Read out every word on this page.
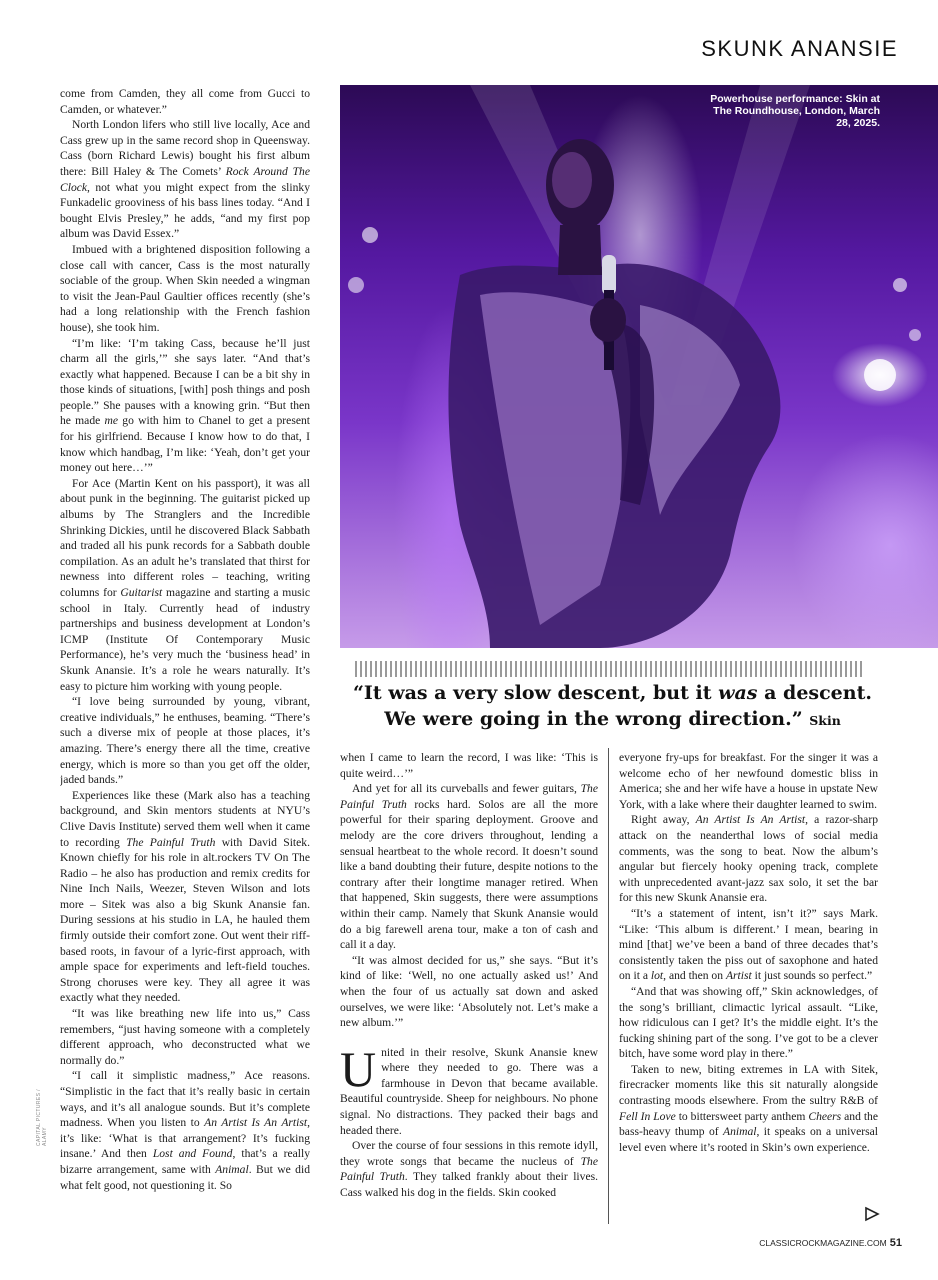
SKUNK ANANSIE

come from Camden, they all come from Gucci to Camden, or whatever.”

North London lifers who still live locally, Ace and Cass grew up in the same record shop in Queensway. Cass (born Richard Lewis) bought his first album there: Bill Haley & The Comets’ Rock Around The Clock, not what you might expect from the slinky Funkadelic grooviness of his bass lines today. “And I bought Elvis Presley,” he adds, “and my first pop album was David Essex.”

Imbued with a brightened disposition following a close call with cancer, Cass is the most naturally sociable of the group. When Skin needed a wingman to visit the Jean-Paul Gaultier offices recently (she’s had a long relationship with the French fashion house), she took him.

“I’m like: ‘I’m taking Cass, because he’ll just charm all the girls,’” she says later. “And that’s exactly what happened. Because I can be a bit shy in those kinds of situations, [with] posh things and posh people.” She pauses with a knowing grin. “But then he made me go with him to Chanel to get a present for his girlfriend. Because I know how to do that, I know which handbag, I’m like: ‘Yeah, don’t get your money out here…’”

For Ace (Martin Kent on his passport), it was all about punk in the beginning. The guitarist picked up albums by The Stranglers and the Incredible Shrinking Dickies, until he discovered Black Sabbath and traded all his punk records for a Sabbath double compilation. As an adult he’s translated that thirst for newness into different roles – teaching, writing columns for Guitarist magazine and starting a music school in Italy. Currently head of industry partnerships and business development at London’s ICMP (Institute Of Contemporary Music Performance), he’s very much the ‘business head’ in Skunk Anansie. It’s a role he wears naturally. It’s easy to picture him working with young people.

“I love being surrounded by young, vibrant, creative individuals,” he enthuses, beaming. “There’s such a diverse mix of people at those places, it’s amazing. There’s energy there all the time, creative energy, which is more so than you get off the older, jaded bands.”

Experiences like these (Mark also has a teaching background, and Skin mentors students at NYU’s Clive Davis Institute) served them well when it came to recording The Painful Truth with David Sitek. Known chiefly for his role in alt.rockers TV On The Radio – he also has production and remix credits for Nine Inch Nails, Weezer, Steven Wilson and lots more – Sitek was also a big Skunk Anansie fan. During sessions at his studio in LA, he hauled them firmly outside their comfort zone. Out went their riff-based roots, in favour of a lyric-first approach, with ample space for experiments and left-field touches. Strong choruses were key. They all agree it was exactly what they needed.

“It was like breathing new life into us,” Cass remembers, “just having someone with a completely different approach, who deconstructed what we normally do.”

“I call it simplistic madness,” Ace reasons. “Simplistic in the fact that it’s really basic in certain ways, and it’s all analogue sounds. But it’s complete madness. When you listen to An Artist Is An Artist, it’s like: ‘What is that arrangement? It’s fucking insane.’ And then Lost and Found, that’s a really bizarre arrangement, same with Animal. But we did what felt good, not questioning it. So

Powerhouse performance: Skin at The Roundhouse, London, March 28, 2025.
“It was a very slow descent, but it was a descent.
We were going in the wrong direction.” Skin

when I came to learn the record, I was like: ‘This is quite weird…’”

And yet for all its curveballs and fewer guitars, The Painful Truth rocks hard. Solos are all the more powerful for their sparing deployment. Groove and melody are the core drivers throughout, lending a sensual heartbeat to the whole record. It doesn’t sound like a band doubting their future, despite notions to the contrary after their longtime manager retired. When that happened, Skin suggests, there were assumptions within their camp. Namely that Skunk Anansie would do a big farewell arena tour, make a ton of cash and call it a day.

“It was almost decided for us,” she says. “But it’s kind of like: ‘Well, no one actually asked us!’ And when the four of us actually sat down and asked ourselves, we were like: ‘Absolutely not. Let’s make a new album.’”

United in their resolve, Skunk Anansie knew where they needed to go. There was a farmhouse in Devon that became available. Beautiful countryside. Sheep for neighbours. No phone signal. No distractions. They packed their bags and headed there.

Over the course of four sessions in this remote idyll, they wrote songs that became the nucleus of The Painful Truth. They talked frankly about their lives. Cass walked his dog in the fields. Skin cooked

everyone fry-ups for breakfast. For the singer it was a welcome echo of her newfound domestic bliss in America; she and her wife have a house in upstate New York, with a lake where their daughter learned to swim.

Right away, An Artist Is An Artist, a razor-sharp attack on the neanderthal lows of social media comments, was the song to beat. Now the album’s angular but fiercely hooky opening track, complete with unprecedented avant-jazz sax solo, it set the bar for this new Skunk Anansie era.

“It’s a statement of intent, isn’t it?” says Mark. “Like: ‘This album is different.’ I mean, bearing in mind [that] we’ve been a band of three decades that’s consistently taken the piss out of saxophone and hated on it a lot, and then on Artist it just sounds so perfect.”

“And that was showing off,” Skin acknowledges, of the song’s brilliant, climactic lyrical assault. “Like, how ridiculous can I get? It’s the middle eight. It’s the fucking shining part of the song. I’ve got to be a clever bitch, have some word play in there.”

Taken to new, biting extremes in LA with Sitek, firecracker moments like this sit naturally alongside contrasting moods elsewhere. From the sultry R&B of Fell In Love to bittersweet party anthem Cheers and the bass-heavy thump of Animal, it speaks on a universal level even where it’s rooted in Skin’s own experience.

CAPITAL PICTURES / ALAMY
CLASSICROCKMAGAZINE.COM 51
